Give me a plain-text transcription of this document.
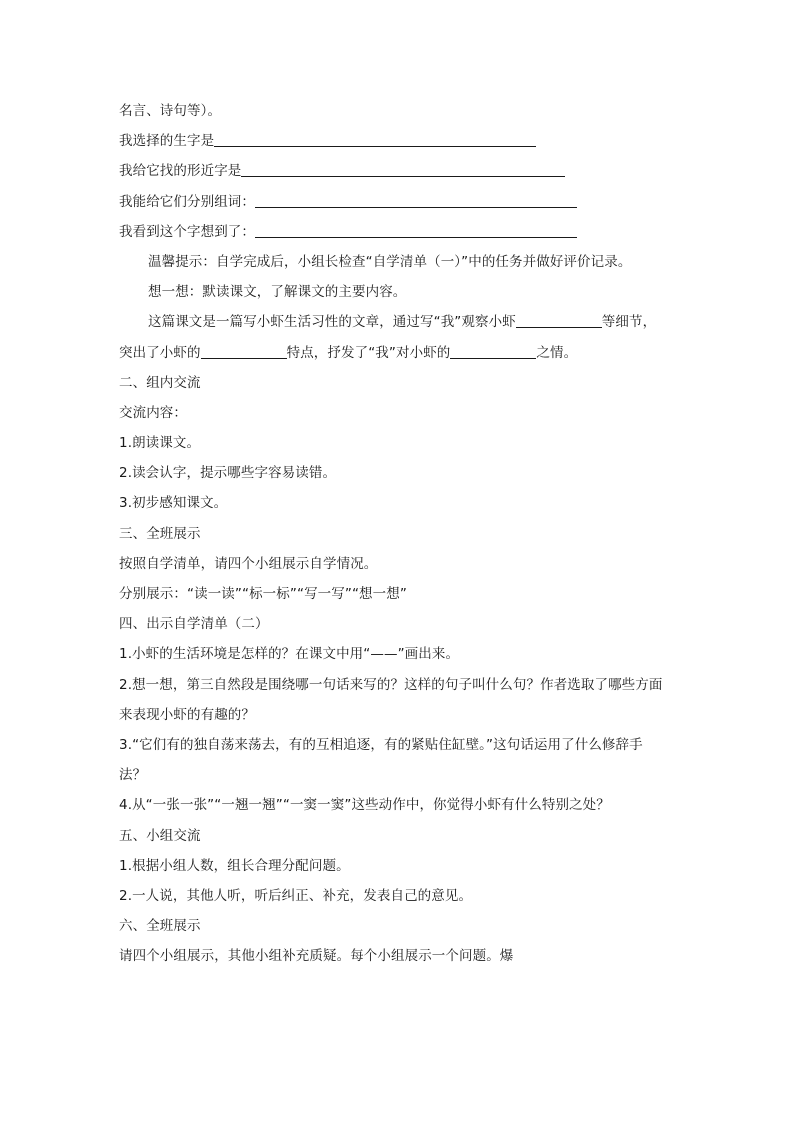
名言、诗句等）。
我选择的生字是
我给它找的形近字是
我能给它们分别组词：
我看到这个字想到了：
温馨提示：自学完成后，小组长检查“自学清单（一）”中的任务并做好评价记录。
想一想：默读课文，了解课文的主要内容。
这篇课文是一篇写小虾生活习性的文章，通过写“我”观察小虾	等细节，
突出了小虾的	特点，抒发了“我”对小虾的	之情。
二、组内交流
交流内容：
1.朗读课文。
2.读会认字，提示哪些字容易读错。
3.初步感知课文。
三、全班展示
按照自学清单，请四个小组展示自学情况。
分别展示：“读一读”“标一标”“写一写”“想一想”
四、出示自学清单（二）
1.小虾的生活环境是怎样的？在课文中用“——”画出来。
2.想一想，第三自然段是围绕哪一句话来写的？这样的句子叫什么句？作者选取了哪些方面
来表现小虾的有趣的？
3.“它们有的独自荡来荡去，有的互相追逐，有的紧贴住缸壁。”这句话运用了什么修辞手
法？
4.从“一张一张”“一翘一翘”“一窦一窦”这些动作中，你觉得小虾有什么特别之处？
五、小组交流
1.根据小组人数，组长合理分配问题。
2.一人说，其他人听，听后纠正、补充，发表自己的意见。
六、全班展示
请四个小组展示，其他小组补充质疑。每个小组展示一个问题。爆
